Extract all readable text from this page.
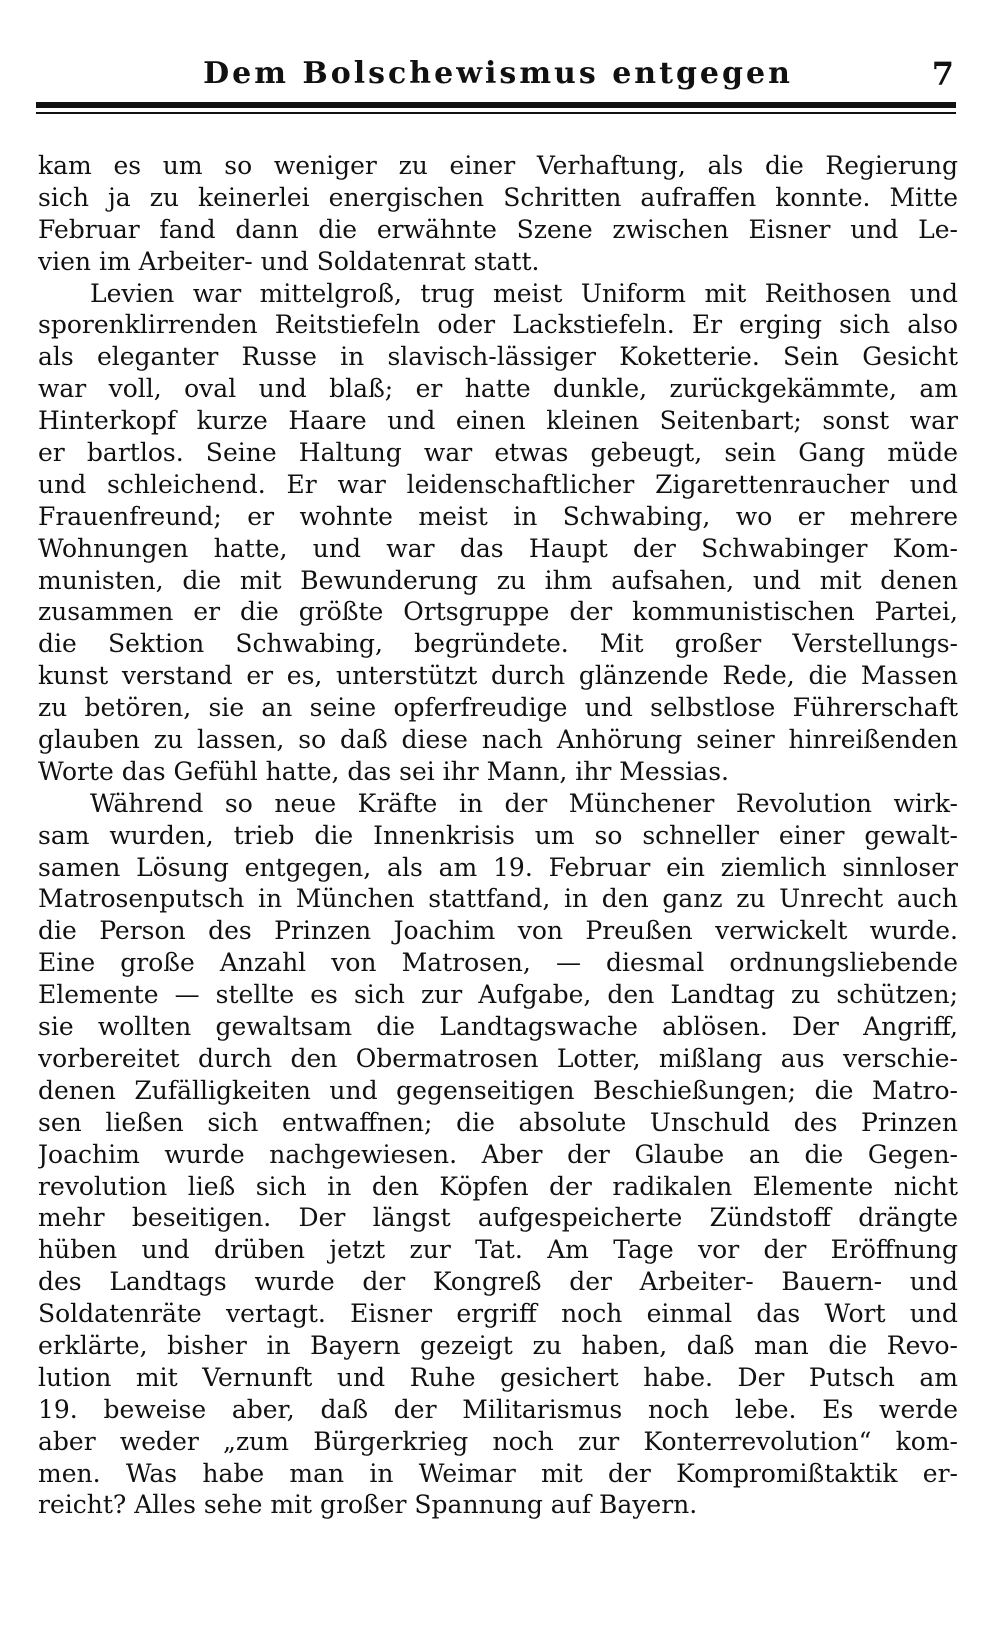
Dem Bolschewismus entgegen	7
kam es um so weniger zu einer Verhaftung, als die Regierung
sich ja zu keinerlei energischen Schritten aufraffen konnte. Mitte
Februar fand dann die erwähnte Szene zwischen Eisner und Le-
vien im Arbeiter- und Soldatenrat statt.
Levien war mittelgroß, trug meist Uniform mit Reithosen und
sporenklirrenden Reitstiefeln oder Lackstiefeln. Er erging sich also
als eleganter Russe in slavisch-lässiger Koketterie. Sein Gesicht
war voll, oval und blaß; er hatte dunkle, zurückgekämmte, am
Hinterkopf kurze Haare und einen kleinen Seitenbart; sonst war
er bartlos. Seine Haltung war etwas gebeugt, sein Gang müde
und schleichend. Er war leidenschaftlicher Zigarettenraucher und
Frauenfreund; er wohnte meist in Schwabing, wo er mehrere
Wohnungen hatte, und war das Haupt der Schwabinger Kom-
munisten, die mit Bewunderung zu ihm aufsahen, und mit denen
zusammen er die größte Ortsgruppe der kommunistischen Partei,
die Sektion Schwabing, begründete. Mit großer Verstellungs-
kunst verstand er es, unterstützt durch glänzende Rede, die Massen
zu betören, sie an seine opferfreudige und selbstlose Führerschaft
glauben zu lassen, so daß diese nach Anhörung seiner hinreißenden
Worte das Gefühl hatte, das sei ihr Mann, ihr Messias.
Während so neue Kräfte in der Münchener Revolution wirk-
sam wurden, trieb die Innenkrisis um so schneller einer gewalt-
samen Lösung entgegen, als am 19. Februar ein ziemlich sinnloser
Matrosenputsch in München stattfand, in den ganz zu Unrecht auch
die Person des Prinzen Joachim von Preußen verwickelt wurde.
Eine große Anzahl von Matrosen, — diesmal ordnungsliebende
Elemente — stellte es sich zur Aufgabe, den Landtag zu schützen;
sie wollten gewaltsam die Landtagswache ablösen. Der Angriff,
vorbereitet durch den Obermatrosen Lotter, mißlang aus verschie-
denen Zufälligkeiten und gegenseitigen Beschießungen; die Matro-
sen ließen sich entwaffnen; die absolute Unschuld des Prinzen
Joachim wurde nachgewiesen. Aber der Glaube an die Gegen-
revolution ließ sich in den Köpfen der radikalen Elemente nicht
mehr beseitigen. Der längst aufgespeicherte Zündstoff drängte
hüben und drüben jetzt zur Tat. Am Tage vor der Eröffnung
des Landtags wurde der Kongreß der Arbeiter- Bauern- und
Soldatenräte vertagt. Eisner ergriff noch einmal das Wort und
erklärte, bisher in Bayern gezeigt zu haben, daß man die Revo-
lution mit Vernunft und Ruhe gesichert habe. Der Putsch am
19. beweise aber, daß der Militarismus noch lebe. Es werde
aber weder „zum Bürgerkrieg noch zur Konterrevolution“ kom-
men. Was habe man in Weimar mit der Kompromißtaktik er-
reicht? Alles sehe mit großer Spannung auf Bayern.
